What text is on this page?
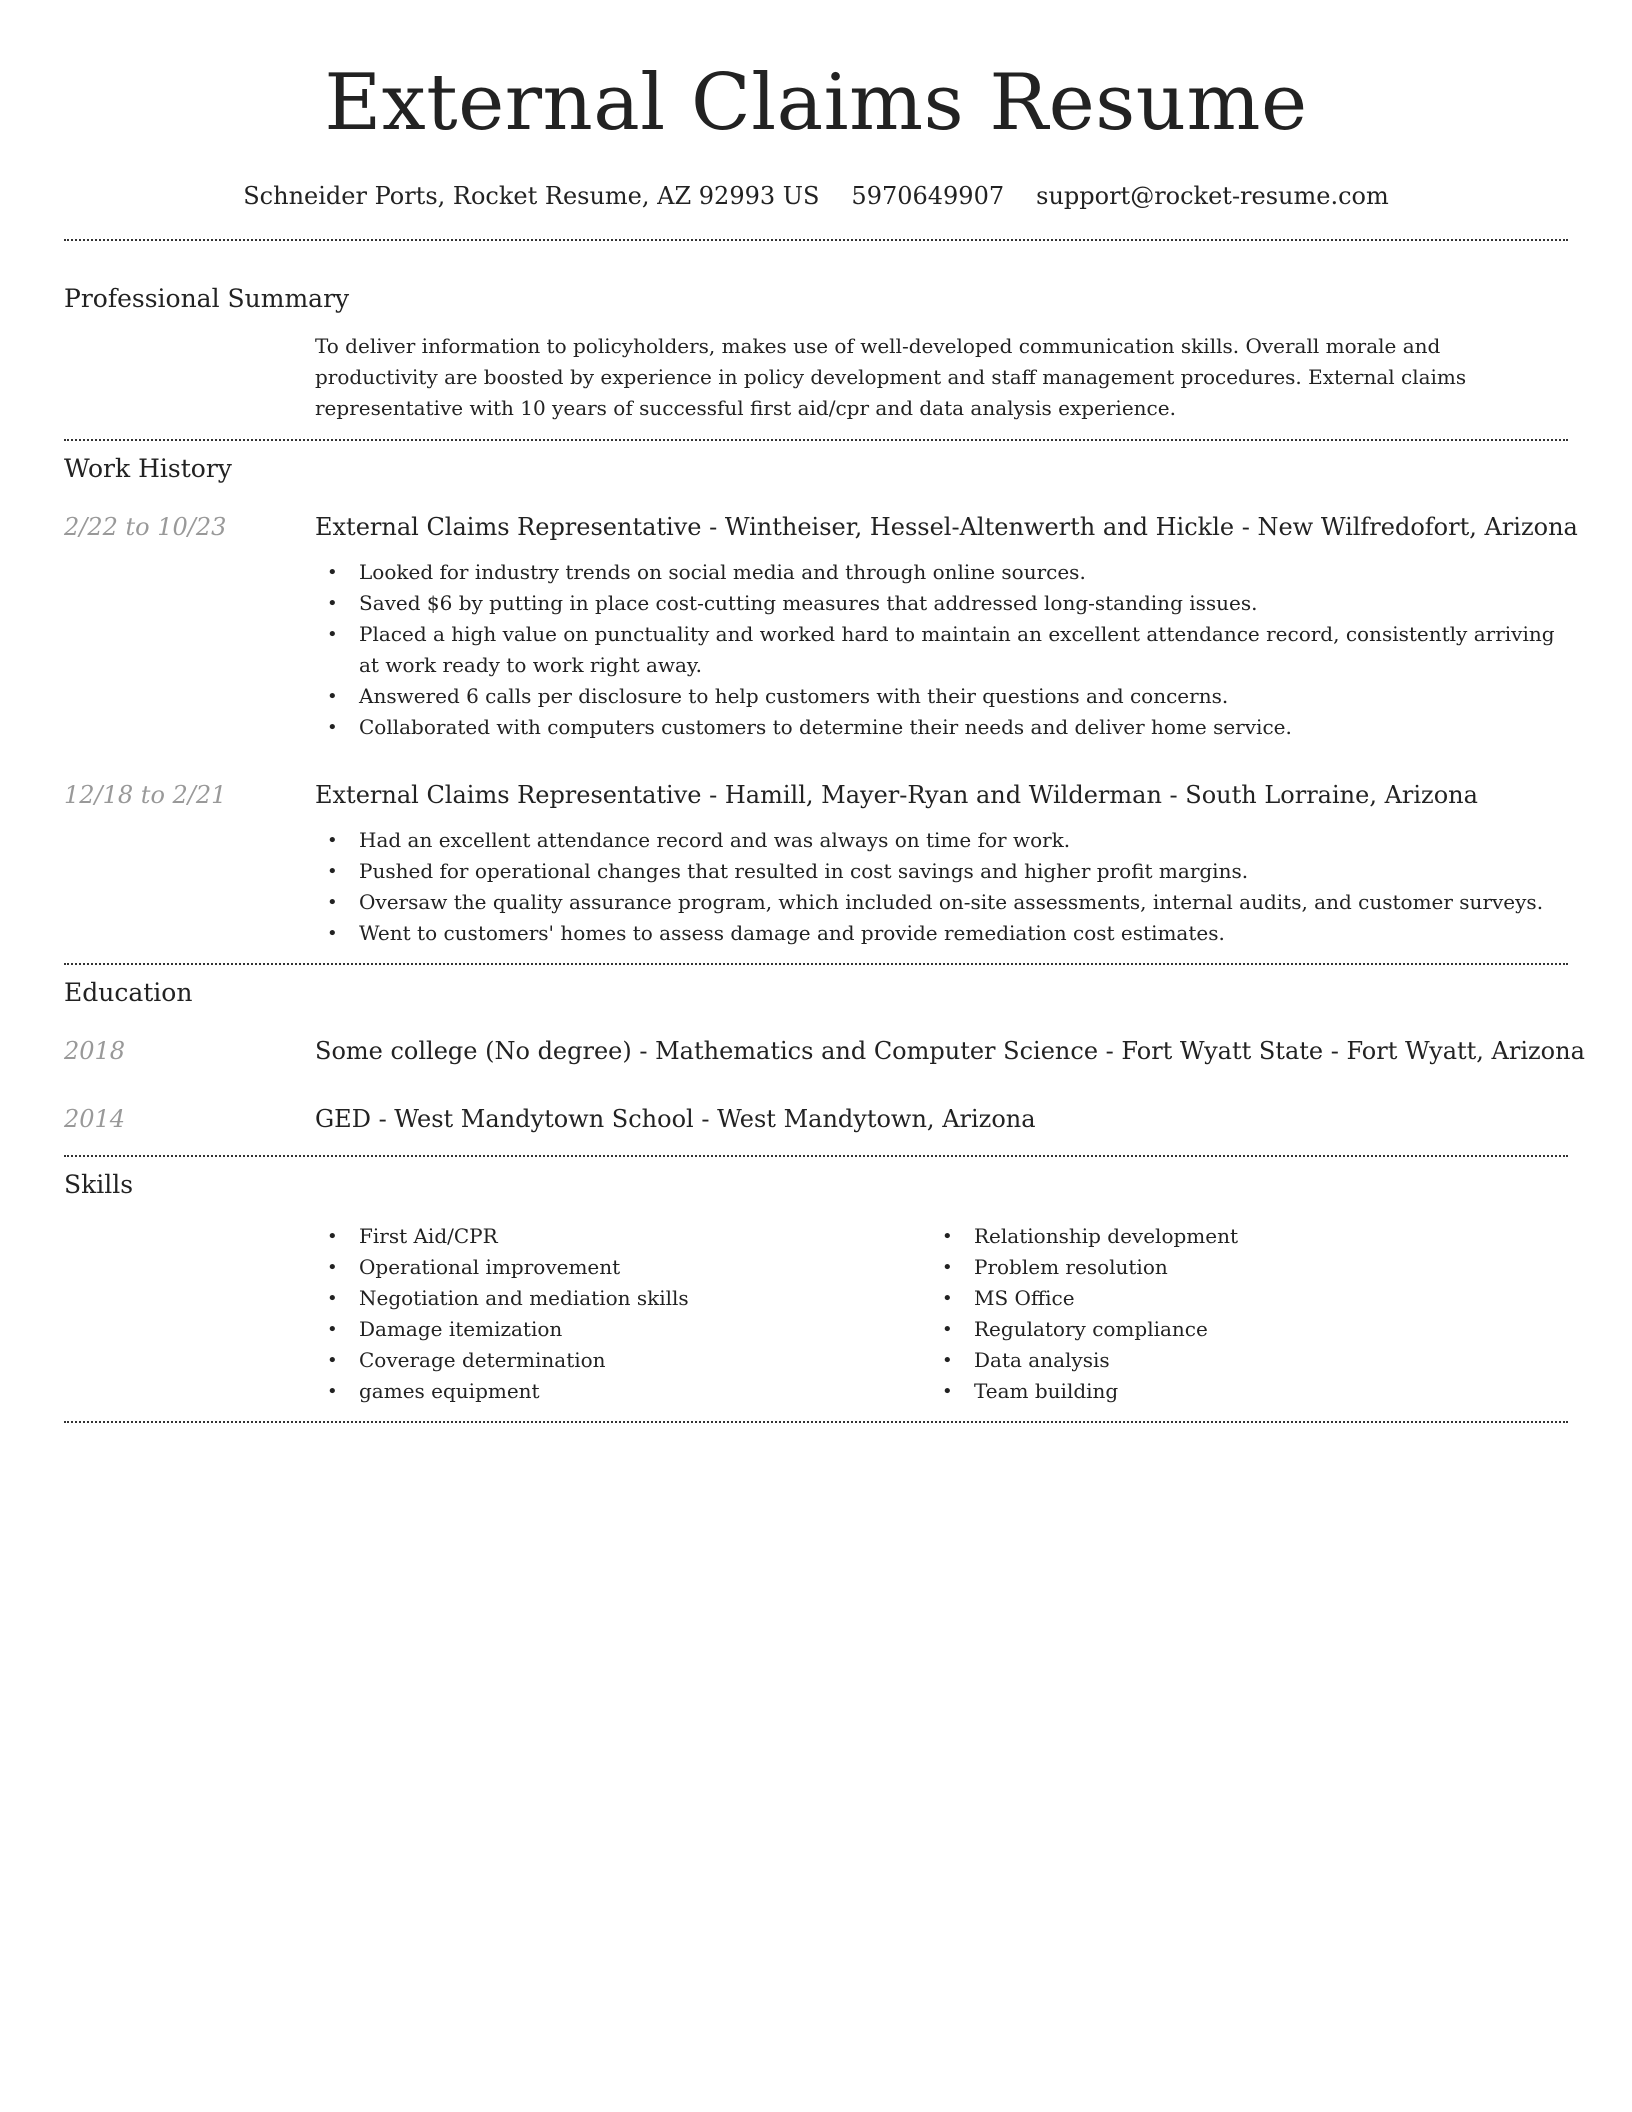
External Claims Resume
Schneider Ports, Rocket Resume, AZ 92993 US 5970649907 support@rocket-resume.com
Professional Summary

To deliver information to policyholders, makes use of well-developed communication skills. Overall morale and productivity are boosted by experience in policy development and staff management procedures. External claims representative with 10 years of successful first aid/cpr and data analysis experience.

Work History
2/22 to 10/23	External Claims Representative - Wintheiser, Hessel-Altenwerth and Hickle - New Wilfredofort, Arizona
• Looked for industry trends on social media and through online sources.
• Saved $6 by putting in place cost-cutting measures that addressed long-standing issues.
• Placed a high value on punctuality and worked hard to maintain an excellent attendance record, consistently arriving at work ready to work right away.
• Answered 6 calls per disclosure to help customers with their questions and concerns.
• Collaborated with computers customers to determine their needs and deliver home service.
12/18 to 2/21	External Claims Representative - Hamill, Mayer-Ryan and Wilderman - South Lorraine, Arizona
• Had an excellent attendance record and was always on time for work.
• Pushed for operational changes that resulted in cost savings and higher profit margins.
• Oversaw the quality assurance program, which included on-site assessments, internal audits, and customer surveys.
• Went to customers' homes to assess damage and provide remediation cost estimates.
Education
2018	Some college (No degree) - Mathematics and Computer Science - Fort Wyatt State - Fort Wyatt, Arizona
2014	GED - West Mandytown School - West Mandytown, Arizona
Skills
• First Aid/CPR
• Operational improvement
• Negotiation and mediation skills
• Damage itemization
• Coverage determination
• games equipment
• Relationship development
• Problem resolution
• MS Office
• Regulatory compliance
• Data analysis
• Team building
